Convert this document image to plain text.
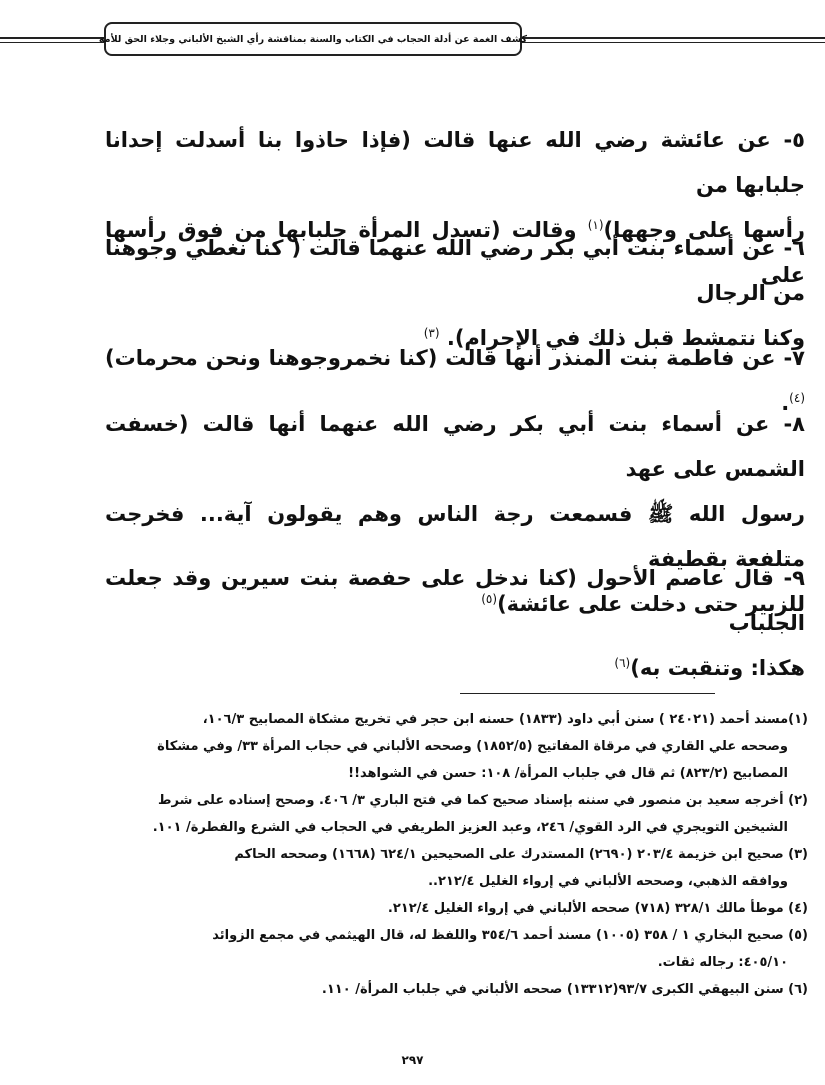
كشف الغمة عن أدلة الحجاب في الكتاب والسنة بمناقشة رأي الشيخ الألباني وجلاء الحق للأمة

٥- عن عائشة رضي الله عنها قالت (فإذا حاذوا بنا أسدلت إحدانا جلبابها من

رأسها على وجهها)$^{(١)}$ وقالت (تسدل المرأة جلبابها من فوق رأسها على

٦- عن أسماء بنت أبي بكر رضي الله عنهما قالت ( كنا نغطي وجوهنا من الرجال

وكنا نتمشط قبل ذلك في الإحرام). $^{(٣)}$

٧- عن فاطمة بنت المنذر أنها قالت (كنا نخمروجوهنا ونحن محرمات)$^{(٤)}$.

٨- عن أسماء بنت أبي بكر رضي الله عنهما أنها قالت (خسفت الشمس على عهد

رسول الله ﷺ فسمعت رجة الناس وهم يقولون آية... فخرجت متلفعة بقطيفة

للزبير حتى دخلت على عائشة)$^{(٥)}$

٩- قال عاصم الأحول (كنا ندخل على حفصة بنت سيرين وقد جعلت الجلباب

هكذا: وتنقبت به)$^{(٦)}$

(١)مسند أحمد (٢٤٠٢١ ) سنن أبي داود (١٨٣٣) حسنه ابن حجر في تخريج مشكاة المصابيح ١٠٦/٣،
وصححه علي القاري في مرقاة المفاتيح (١٨٥٢/٥) وصححه الألباني في حجاب المرأة ٣٣/ وفي مشكاة
المصابيح (٨٢٣/٢) ثم قال في جلباب المرأة/ ١٠٨: حسن في الشواهد!!
(٢) أخرجه سعيد بن منصور في سننه بإسناد صحيح كما في فتح الباري ٣/ ٤٠٦. وصحح إسناده على شرط
الشيخين التويجري في الرد القوي/ ٢٤٦، وعبد العزيز الطريفي في الحجاب في الشرع والفطرة/ ١٠١.
(٣) صحيح ابن خزيمة ٢٠٣/٤ (٢٦٩٠) المستدرك على الصحيحين ٦٢٤/١ (١٦٦٨) وصححه الحاكم
ووافقه الذهبي، وصححه الألباني في إرواء الغليل ٢١٢/٤..
(٤) موطأ مالك ٣٢٨/١ (٧١٨) صححه الألباني في إرواء الغليل ٢١٢/٤.
(٥) صحيح البخاري ١ / ٣٥٨ (١٠٠٥) مسند أحمد ٣٥٤/٦ واللفظ له، قال الهيثمي في مجمع الزوائد
٤٠٥/١٠: رجاله ثقات.
(٦) سنن البيهقي الكبرى ٩٣/٧(١٣٣١٢) صححه الألباني في جلباب المرأة/ ١١٠.
٢٩٧
